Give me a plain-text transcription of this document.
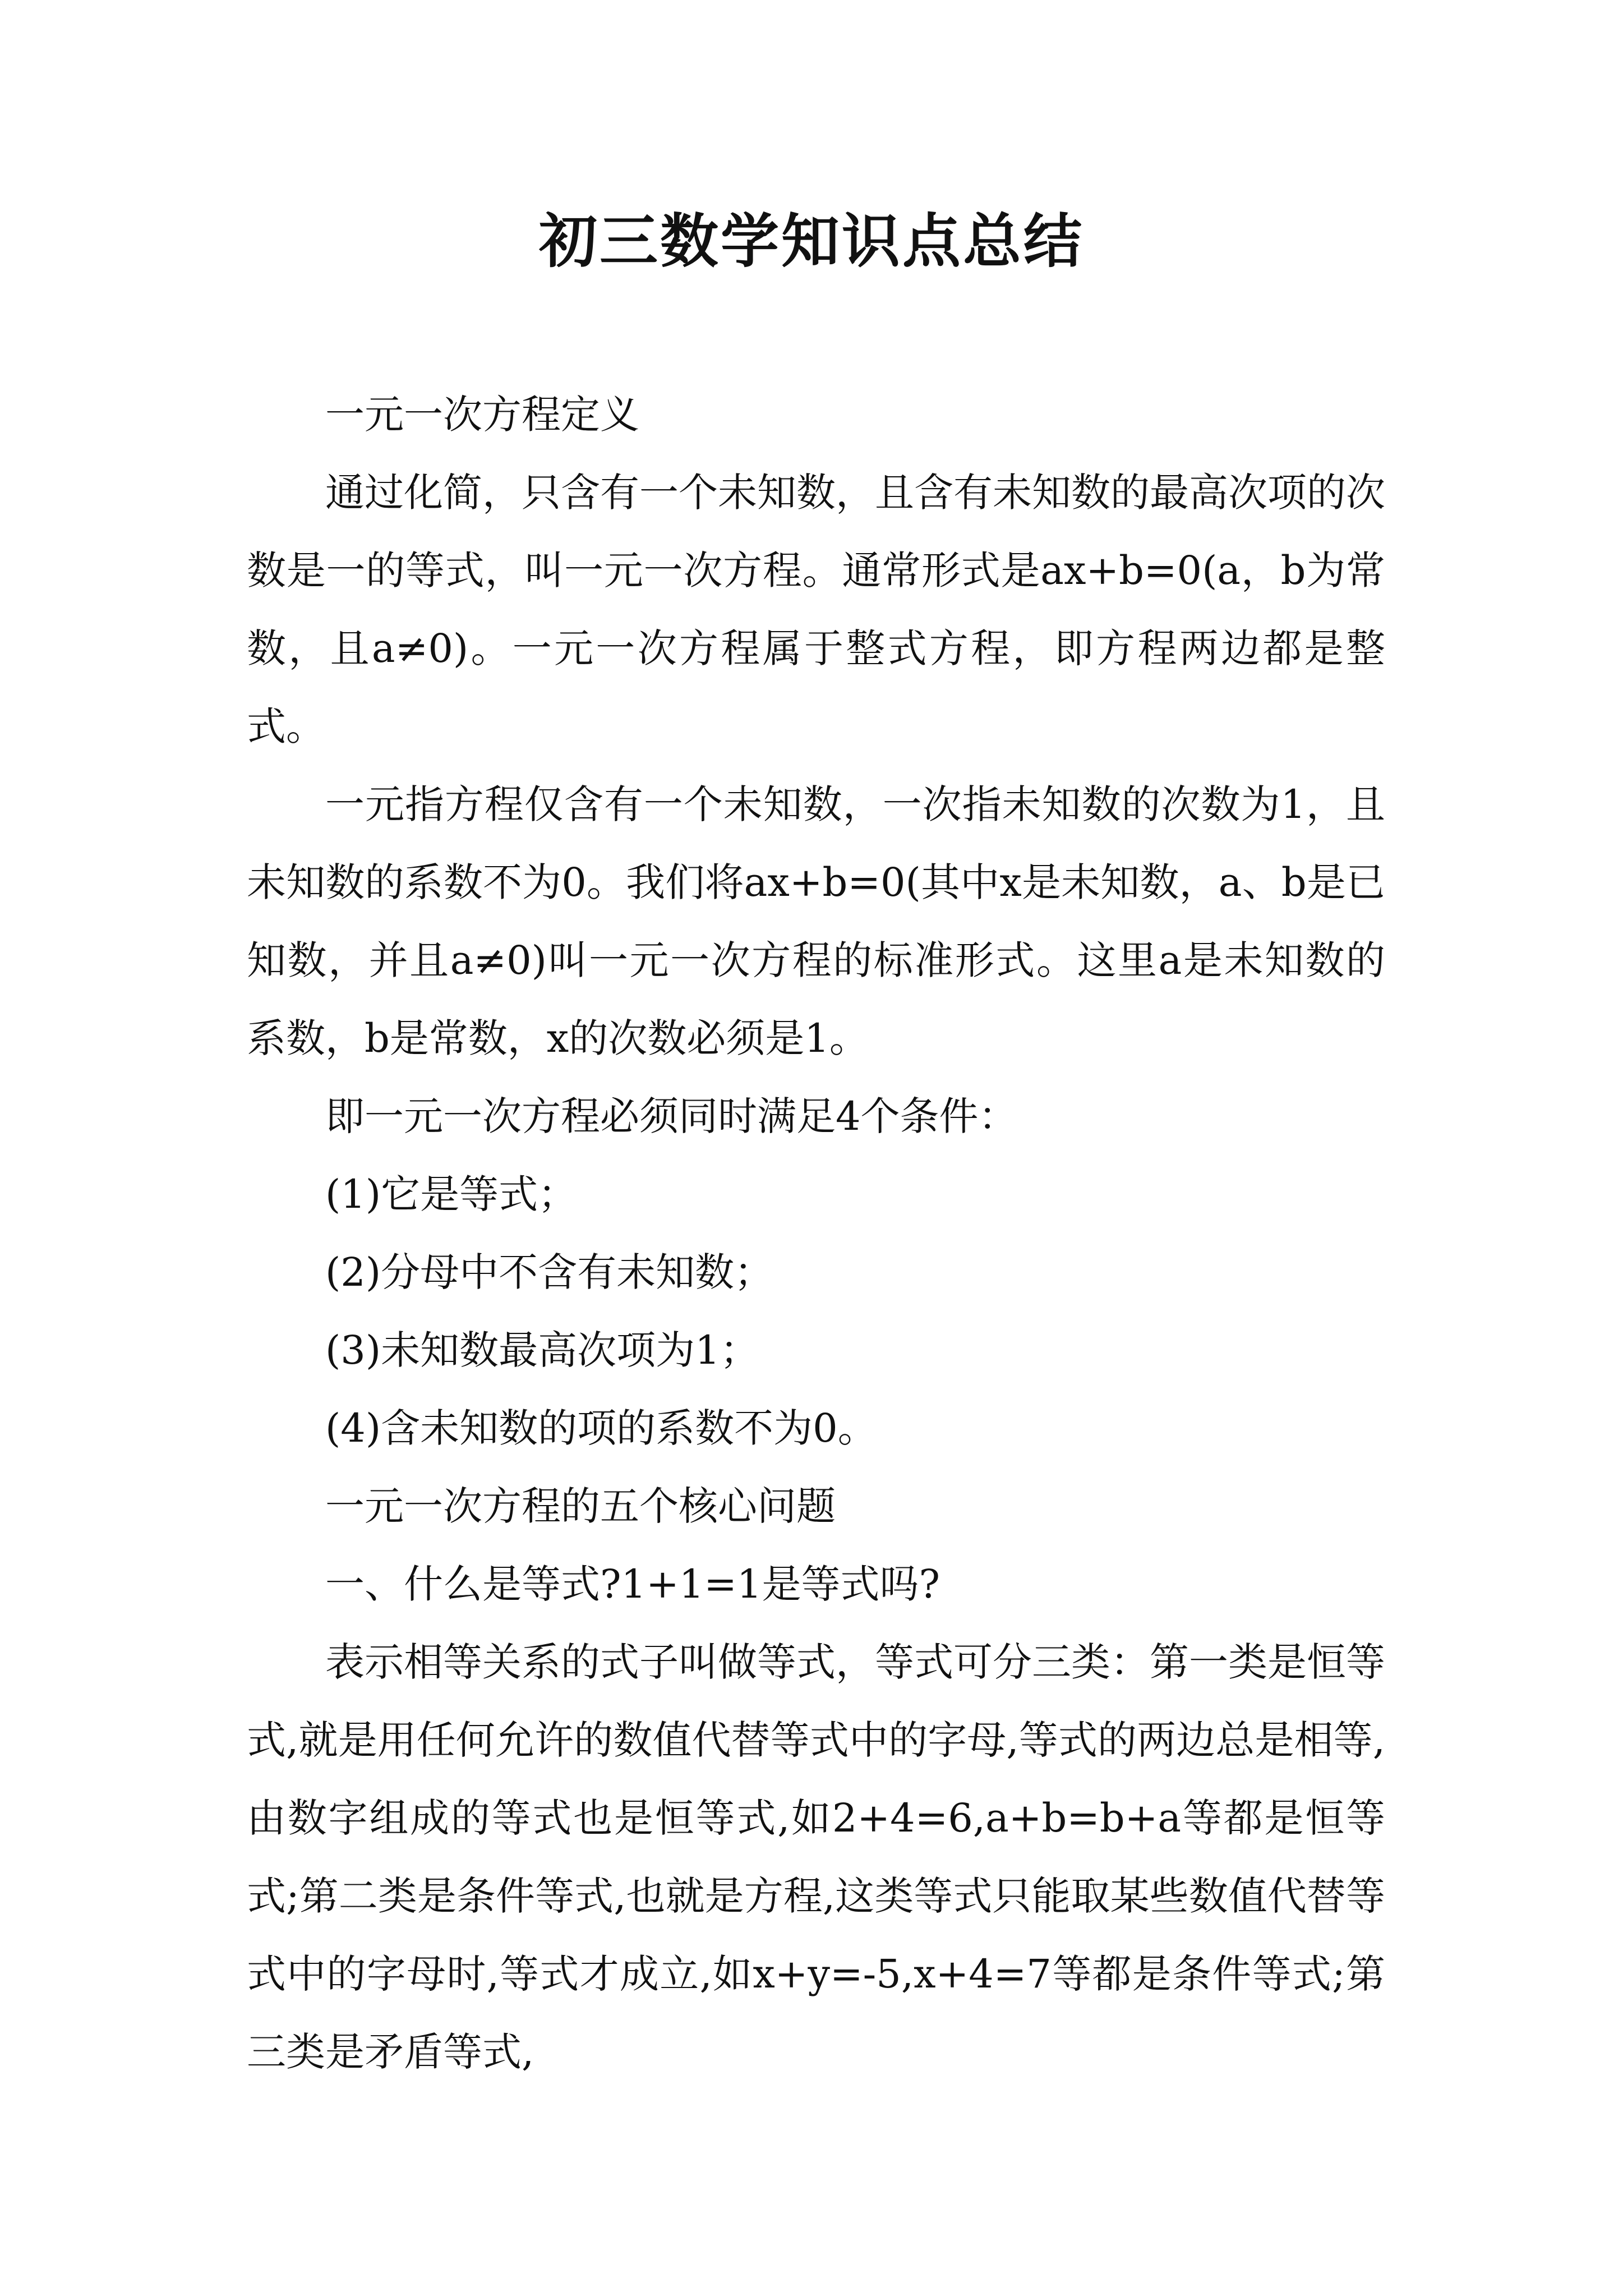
初三数学知识点总结

一元一次方程定义

通过化简，只含有一个未知数，且含有未知数的最高次项的次数是一的等式，叫一元一次方程。通常形式是ax+b=0(a，b为常数，且a≠0)。一元一次方程属于整式方程，即方程两边都是整式。

一元指方程仅含有一个未知数，一次指未知数的次数为1，且未知数的系数不为0。我们将ax+b=0(其中x是未知数，a、b是已知数，并且a≠0)叫一元一次方程的标准形式。这里a是未知数的系数，b是常数，x的次数必须是1。

即一元一次方程必须同时满足4个条件：

(1)它是等式；

(2)分母中不含有未知数；

(3)未知数最高次项为1；

(4)含未知数的项的系数不为0。

一元一次方程的五个核心问题

一、什么是等式?1+1=1是等式吗?

表示相等关系的式子叫做等式，等式可分三类：第一类是恒等式,就是用任何允许的数值代替等式中的字母,等式的两边总是相等,由数字组成的等式也是恒等式,如2+4=6,a+b=b+a等都是恒等式;第二类是条件等式,也就是方程,这类等式只能取某些数值代替等式中的字母时,等式才成立,如x+y=-5,x+4=7等都是条件等式;第三类是矛盾等式,
